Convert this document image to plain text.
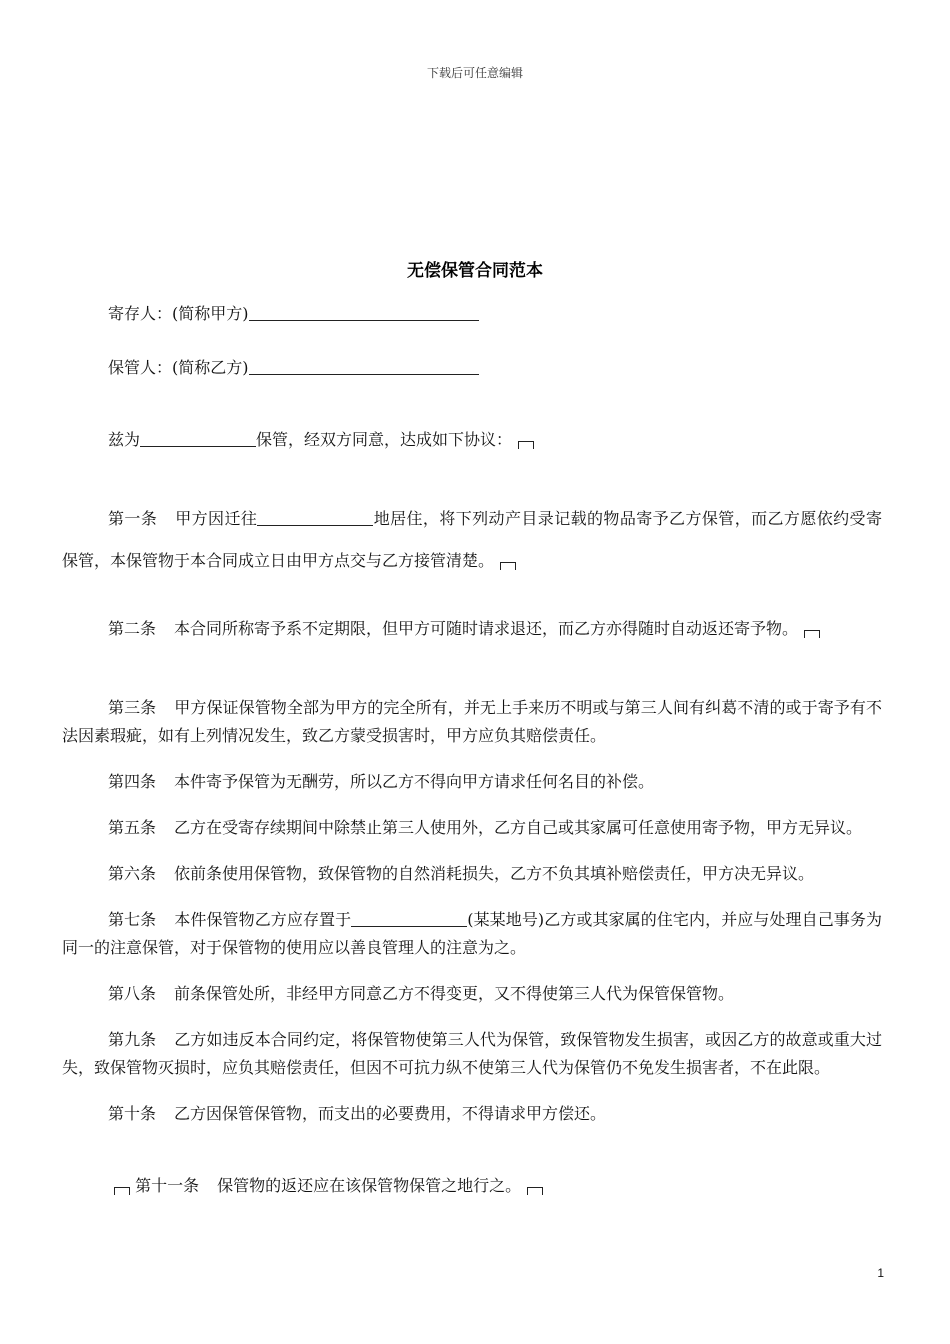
下载后可任意编辑
无偿保管合同范本

寄存人：(简称甲方)

保管人：(简称乙方)

兹为	保管，经双方同意，达成如下协议：

第一条 甲方因迁往	地居住，将下列动产目录记载的物品寄予乙方保管，而乙方愿依约受寄保管，本保管物于本合同成立日由甲方点交与乙方接管清楚。

第二条 本合同所称寄予系不定期限，但甲方可随时请求退还，而乙方亦得随时自动返还寄予物。

第三条 甲方保证保管物全部为甲方的完全所有，并无上手来历不明或与第三人间有纠葛不清的或于寄予有不法因素瑕疵，如有上列情况发生，致乙方蒙受损害时，甲方应负其赔偿责任。

第四条 本件寄予保管为无酬劳，所以乙方不得向甲方请求任何名目的补偿。

第五条 乙方在受寄存续期间中除禁止第三人使用外，乙方自己或其家属可任意使用寄予物，甲方无异议。

第六条 依前条使用保管物，致保管物的自然消耗损失，乙方不负其填补赔偿责任，甲方决无异议。

第七条 本件保管物乙方应存置于	(某某地号)乙方或其家属的住宅内，并应与处理自己事务为同一的注意保管，对于保管物的使用应以善良管理人的注意为之。

第八条 前条保管处所，非经甲方同意乙方不得变更，又不得使第三人代为保管保管物。

第九条 乙方如违反本合同约定，将保管物使第三人代为保管，致保管物发生损害，或因乙方的故意或重大过失，致保管物灭损时，应负其赔偿责任，但因不可抗力纵不使第三人代为保管仍不免发生损害者，不在此限。

第十条 乙方因保管保管物，而支出的必要费用，不得请求甲方偿还。

第十一条 保管物的返还应在该保管物保管之地行之。

1
